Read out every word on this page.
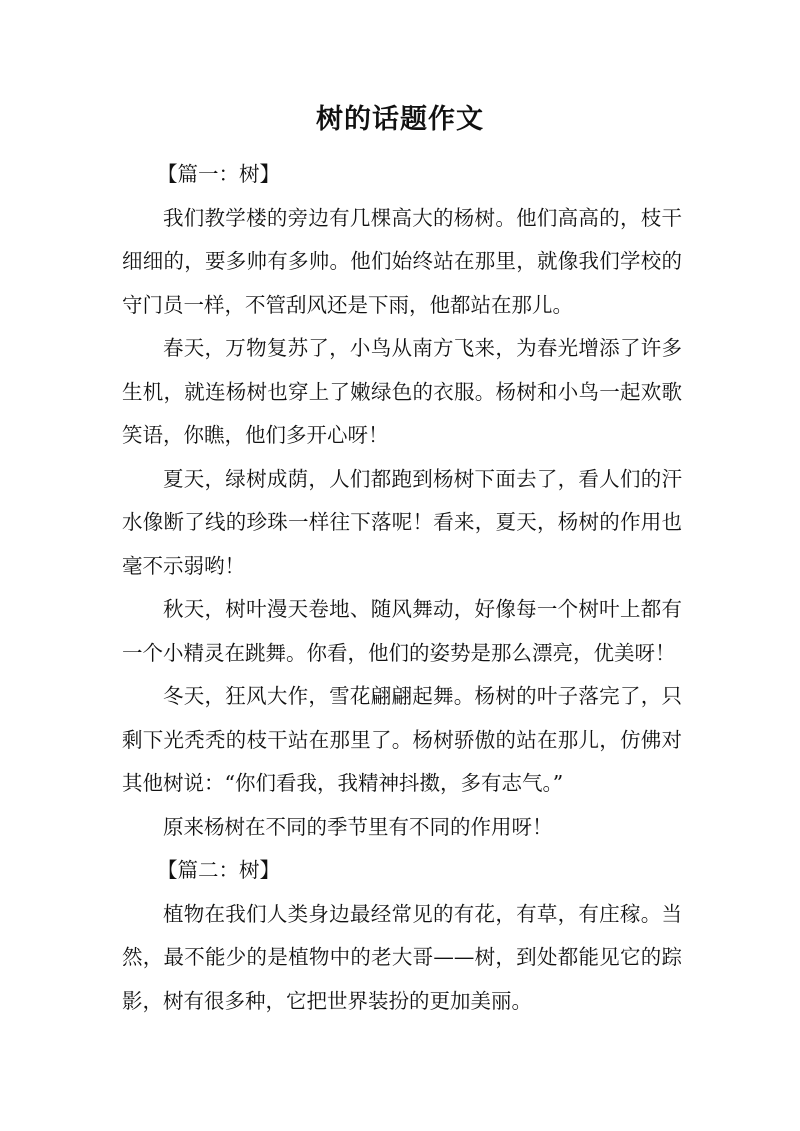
树的话题作文

【篇一：树】

我们教学楼的旁边有几棵高大的杨树。他们高高的，枝干细细的，要多帅有多帅。他们始终站在那里，就像我们学校的守门员一样，不管刮风还是下雨，他都站在那儿。

春天，万物复苏了，小鸟从南方飞来，为春光增添了许多生机，就连杨树也穿上了嫩绿色的衣服。杨树和小鸟一起欢歌笑语，你瞧，他们多开心呀！

夏天，绿树成荫，人们都跑到杨树下面去了，看人们的汗水像断了线的珍珠一样往下落呢！看来，夏天，杨树的作用也毫不示弱哟！

秋天，树叶漫天卷地、随风舞动，好像每一个树叶上都有一个小精灵在跳舞。你看，他们的姿势是那么漂亮，优美呀！

冬天，狂风大作，雪花翩翩起舞。杨树的叶子落完了，只剩下光秃秃的枝干站在那里了。杨树骄傲的站在那儿，仿佛对其他树说：“你们看我，我精神抖擞，多有志气。”

原来杨树在不同的季节里有不同的作用呀！

【篇二：树】

植物在我们人类身边最经常见的有花，有草，有庄稼。当然，最不能少的是植物中的老大哥——树，到处都能见它的踪影，树有很多种，它把世界装扮的更加美丽。
